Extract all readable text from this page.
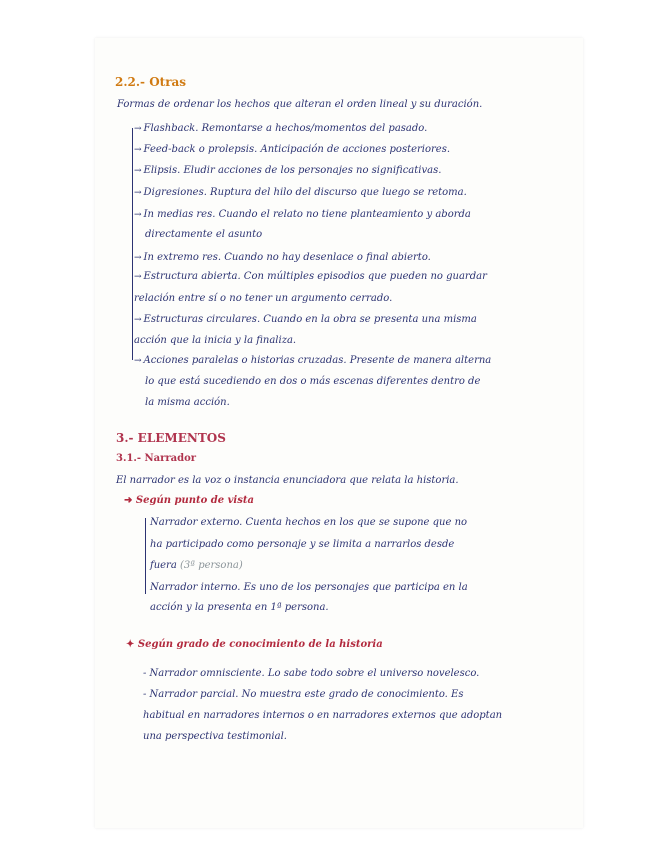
2.2.- Otras
Formas de ordenar los hechos que alteran el orden lineal y su duración.
→ Flashback. Remontarse a hechos/momentos del pasado.
→ Feed-back o prolepsis. Anticipación de acciones posteriores.
→ Elipsis. Eludir acciones de los personajes no significativas.
→ Digresiones. Ruptura del hilo del discurso que luego se retoma.
→ In medias res. Cuando el relato no tiene planteamiento y aborda
directamente el asunto
→ In extremo res. Cuando no hay desenlace o final abierto.
→ Estructura abierta. Con múltiples episodios que pueden no guardar
relación entre sí o no tener un argumento cerrado.
→ Estructuras circulares. Cuando en la obra se presenta una misma
acción que la inicia y la finaliza.
→ Acciones paralelas o historias cruzadas. Presente de manera alterna
lo que está sucediendo en dos o más escenas diferentes dentro de
la misma acción.
3.- ELEMENTOS
3.1.- Narrador
El narrador es la voz o instancia enunciadora que relata la historia.
➜ Según punto de vista
Narrador externo. Cuenta hechos en los que se supone que no
ha participado como personaje y se limita a narrarlos desde
fuera (3ª persona)
Narrador interno. Es uno de los personajes que participa en la
acción y la presenta en 1ª persona.
✦ Según grado de conocimiento de la historia
- Narrador omnisciente. Lo sabe todo sobre el universo novelesco.
- Narrador parcial. No muestra este grado de conocimiento. Es
habitual en narradores internos o en narradores externos que adoptan
una perspectiva testimonial.
